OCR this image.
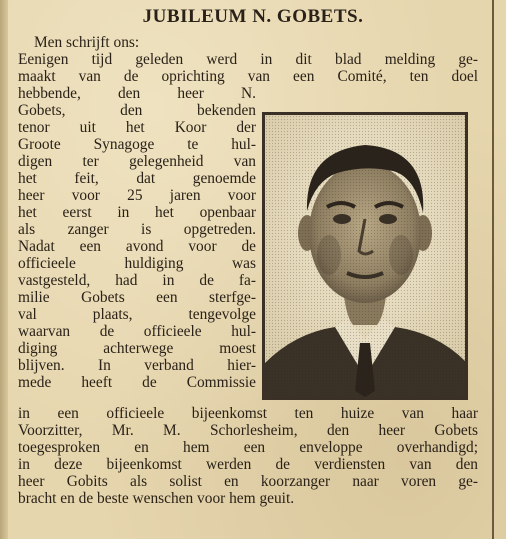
JUBILEUM N. GOBETS.
Men schrijft ons:
Eenigen tijd geleden werd in dit blad melding ge-
maakt van de oprichting van een Comité, ten doel
hebbende, den heer N.
Gobets, den bekenden
tenor uit het Koor der
Groote Synagoge te hul-
digen ter gelegenheid van
het feit, dat genoemde
heer voor 25 jaren voor
het eerst in het openbaar
als zanger is opgetreden.
Nadat een avond voor de
officieele huldiging was
vastgesteld, had in de fa-
milie Gobets een sterfge-
val plaats, tengevolge
waarvan de officieele hul-
diging achterwege moest
blijven. In verband hier-
mede heeft de Commissie
in een officieele bijeenkomst ten huize van haar
Voorzitter, Mr. M. Schorlesheim, den heer Gobets
toegesproken en hem een enveloppe overhandigd;
in deze bijeenkomst werden de verdiensten van den
heer Gobits als solist en koorzanger naar voren ge-
bracht en de beste wenschen voor hem geuit.
